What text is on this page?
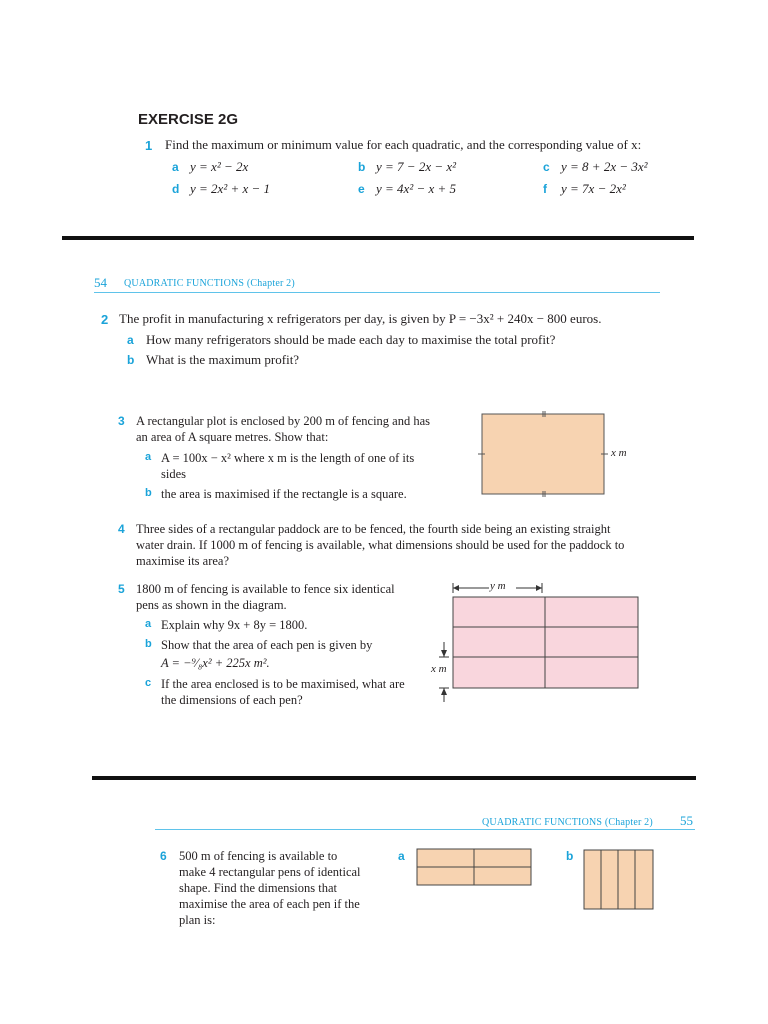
EXERCISE 2G
1 Find the maximum or minimum value for each quadratic, and the corresponding value of x:
a y = x² − 2x	b y = 7 − 2x − x²	c y = 8 + 2x − 3x²
d y = 2x² + x − 1	e y = 4x² − x + 5	f y = 7x − 2x²
54 QUADRATIC FUNCTIONS (Chapter 2)
2 The profit in manufacturing x refrigerators per day, is given by P = −3x² + 240x − 800 euros.
a How many refrigerators should be made each day to maximise the total profit?
b What is the maximum profit?
3 A rectangular plot is enclosed by 200 m of fencing and has
an area of A square metres. Show that:
a A = 100x − x² where x m is the length of one of its
sides
b the area is maximised if the rectangle is a square.
x m
4 Three sides of a rectangular paddock are to be fenced, the fourth side being an existing straight
water drain. If 1000 m of fencing is available, what dimensions should be used for the paddock to
maximise its area?
5 1800 m of fencing is available to fence six identical
pens as shown in the diagram.
a Explain why 9x + 8y = 1800.
b Show that the area of each pen is given by
A = −⁹⁄₈x² + 225x m².
c If the area enclosed is to be maximised, what are
the dimensions of each pen?
y m
x m
QUADRATIC FUNCTIONS (Chapter 2) 55
6 500 m of fencing is available to
make 4 rectangular pens of identical
shape. Find the dimensions that
maximise the area of each pen if the
plan is:
a	b
